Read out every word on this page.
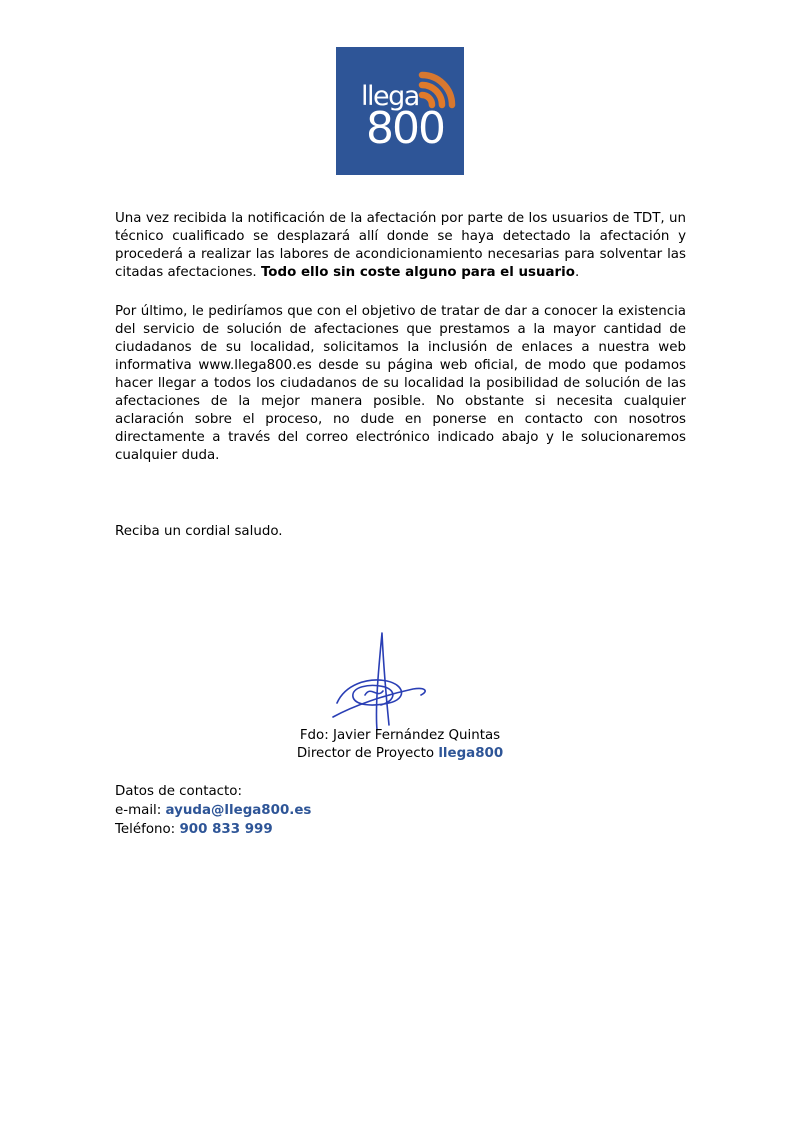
llega
800

Una vez recibida la notificación de la afectación por parte de los usuarios de TDT, un técnico cualificado se desplazará allí donde se haya detectado la afectación y procederá a realizar las labores de acondicionamiento necesarias para solventar las citadas afectaciones. Todo ello sin coste alguno para el usuario.

Por último, le pediríamos que con el objetivo de tratar de dar a conocer la existencia del servicio de solución de afectaciones que prestamos a la mayor cantidad de ciudadanos de su localidad, solicitamos la inclusión de enlaces a nuestra web informativa www.llega800.es desde su página web oficial, de modo que podamos hacer llegar a todos los ciudadanos de su localidad la posibilidad de solución de las afectaciones de la mejor manera posible. No obstante si necesita cualquier aclaración sobre el proceso, no dude en ponerse en contacto con nosotros directamente a través del correo electrónico indicado abajo y le solucionaremos cualquier duda.

Reciba un cordial saludo.

Fdo: Javier Fernández Quintas

Director de Proyecto llega800

Datos de contacto:

e-mail: ayuda@llega800.es

Teléfono: 900 833 999
